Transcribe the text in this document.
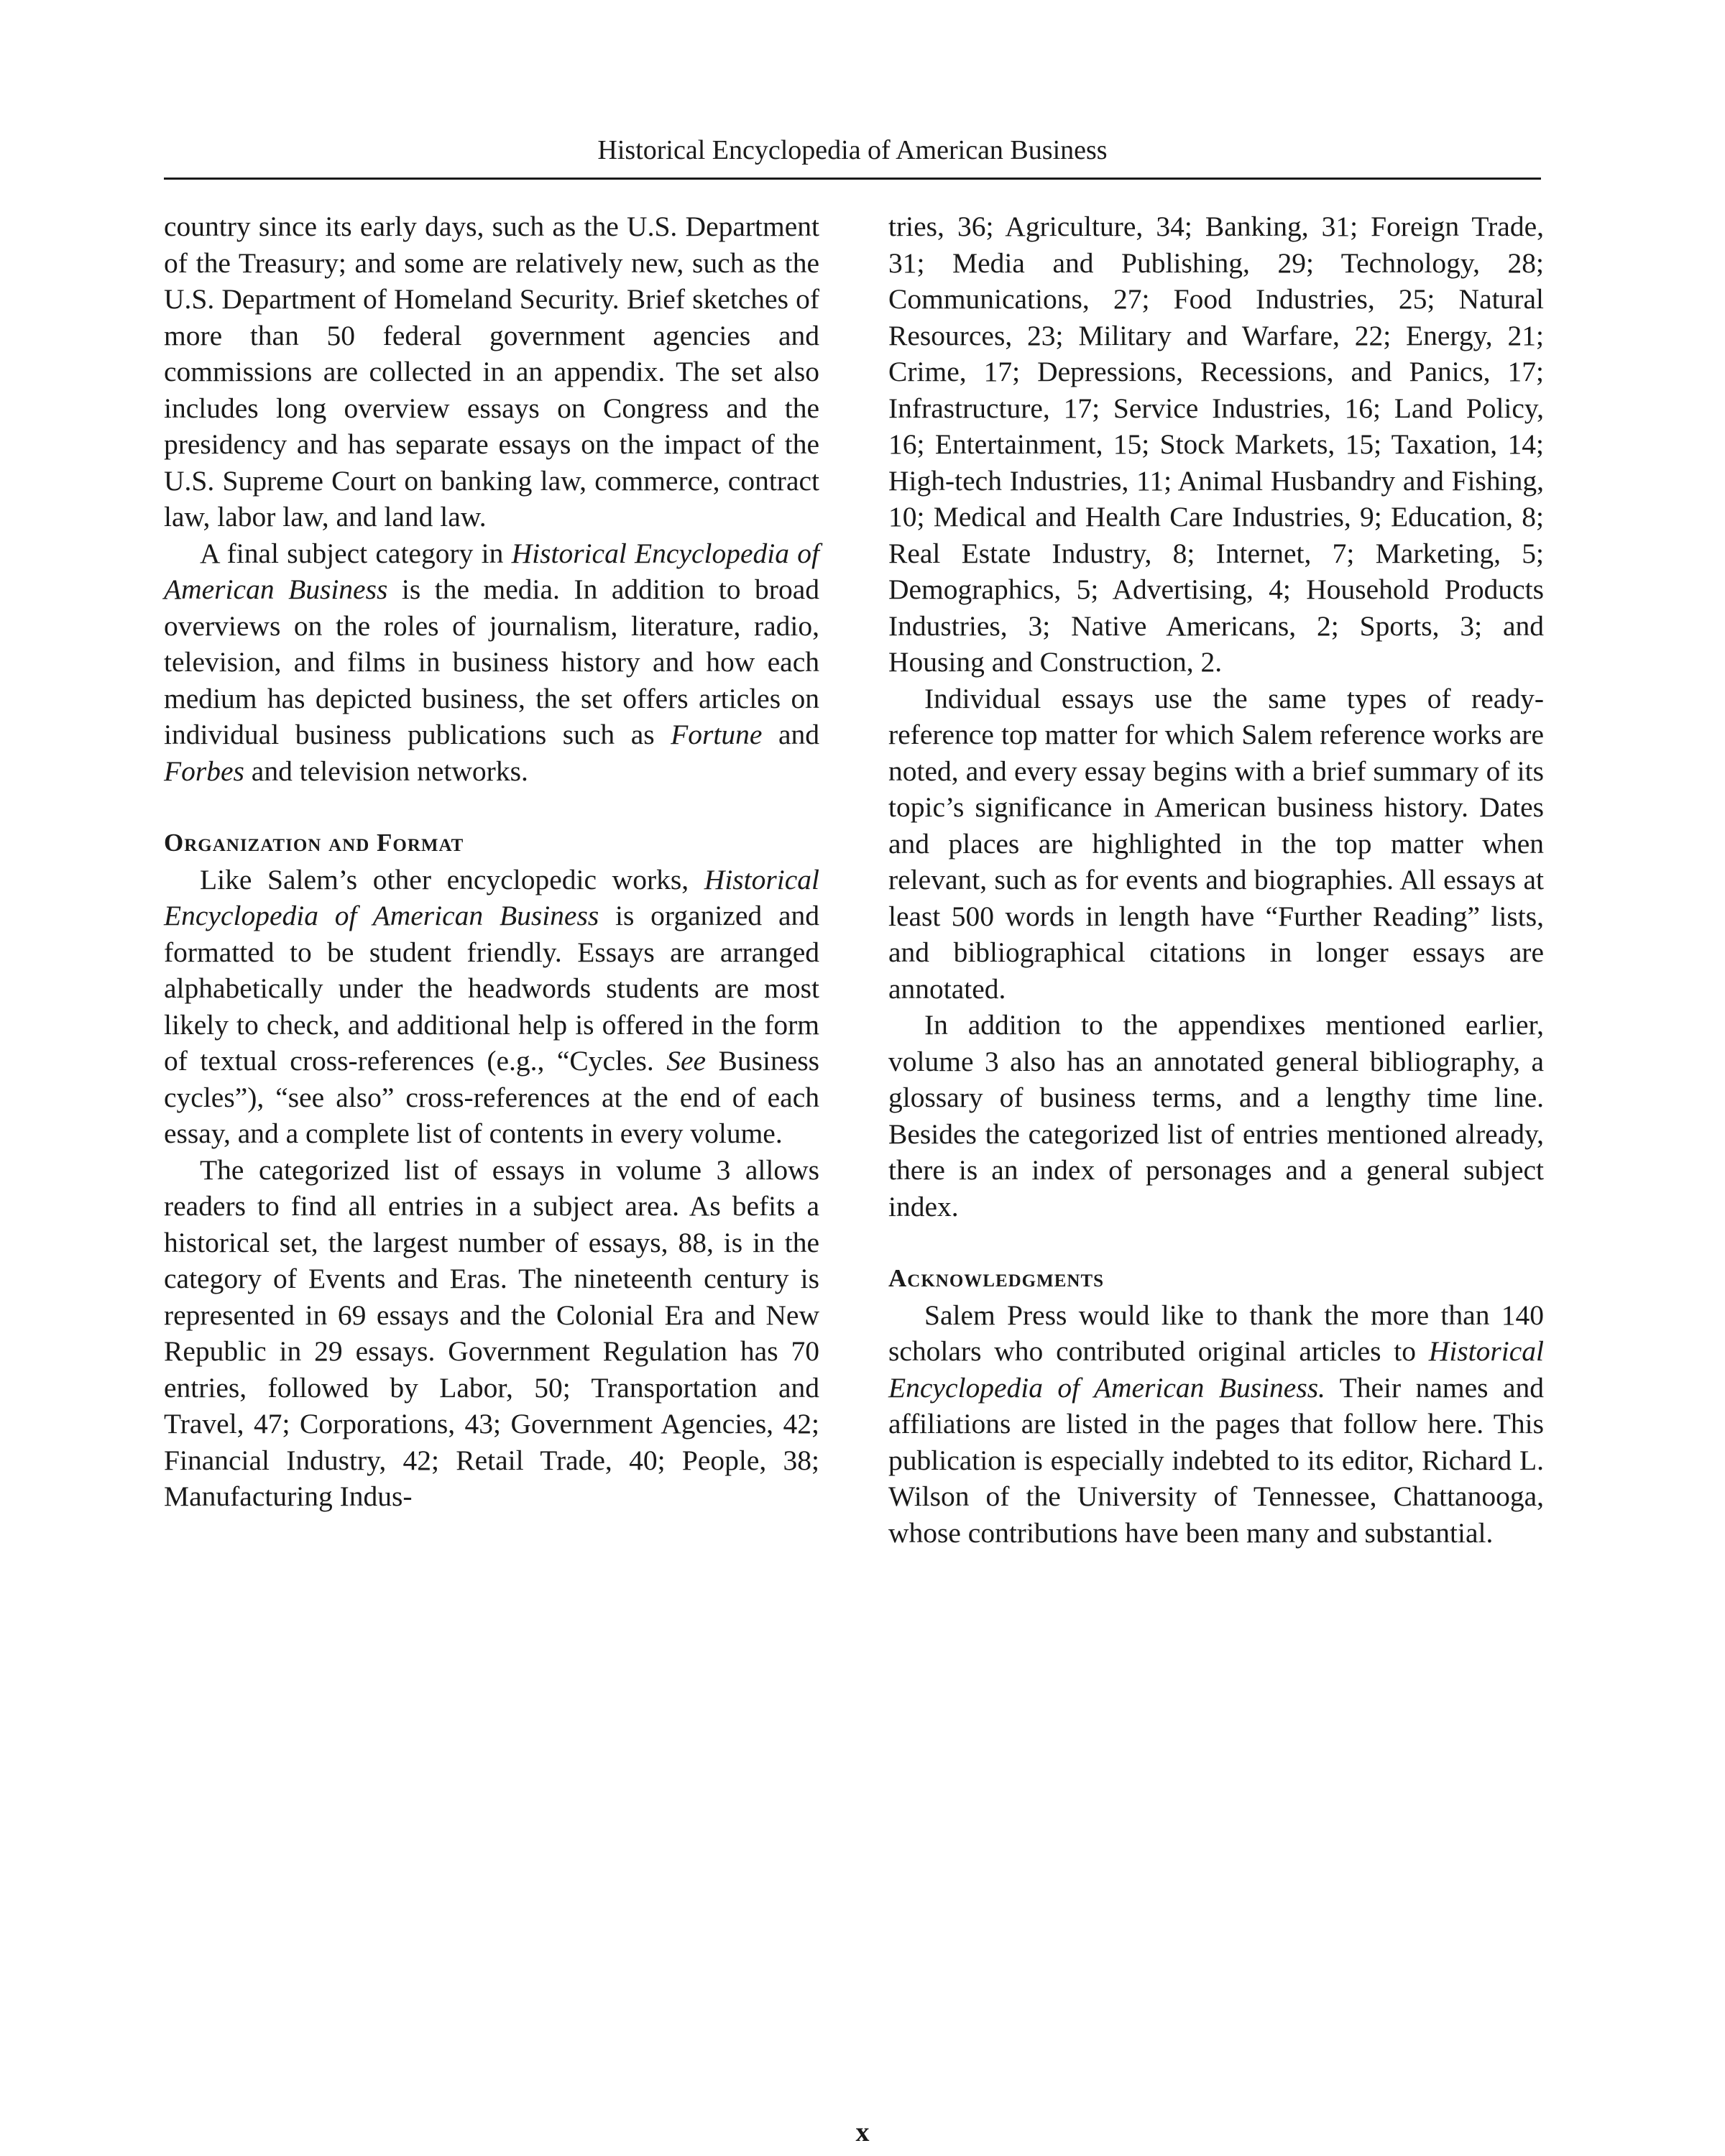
Historical Encyclopedia of American Business

country since its early days, such as the U.S. Department of the Treasury; and some are relatively new, such as the U.S. Department of Homeland Security. Brief sketches of more than 50 federal government agencies and commissions are collected in an appendix. The set also includes long overview essays on Congress and the presidency and has separate essays on the impact of the U.S. Supreme Court on banking law, commerce, contract law, labor law, and land law.

A final subject category in Historical Encyclopedia of American Business is the media. In addition to broad overviews on the roles of journalism, literature, radio, television, and films in business history and how each medium has depicted business, the set offers articles on individual business publications such as Fortune and Forbes and television networks.

Organization and Format

Like Salem’s other encyclopedic works, Historical Encyclopedia of American Business is organized and formatted to be student friendly. Essays are arranged alphabetically under the headwords students are most likely to check, and additional help is offered in the form of textual cross-references (e.g., “Cycles. See Business cycles”), “see also” cross-references at the end of each essay, and a complete list of contents in every volume.

The categorized list of essays in volume 3 allows readers to find all entries in a subject area. As befits a historical set, the largest number of essays, 88, is in the category of Events and Eras. The nineteenth century is represented in 69 essays and the Colonial Era and New Republic in 29 essays. Government Regulation has 70 entries, followed by Labor, 50; Transportation and Travel, 47; Corporations, 43; Government Agencies, 42; Financial Industry, 42; Retail Trade, 40; People, 38; Manufacturing Indus-

tries, 36; Agriculture, 34; Banking, 31; Foreign Trade, 31; Media and Publishing, 29; Technology, 28; Communications, 27; Food Industries, 25; Natural Resources, 23; Military and Warfare, 22; Energy, 21; Crime, 17; Depressions, Recessions, and Panics, 17; Infrastructure, 17; Service Industries, 16; Land Policy, 16; Entertainment, 15; Stock Markets, 15; Taxation, 14; High-tech Industries, 11; Animal Husbandry and Fishing, 10; Medical and Health Care Industries, 9; Education, 8; Real Estate Industry, 8; Internet, 7; Marketing, 5; Demographics, 5; Advertising, 4; Household Products Industries, 3; Native Americans, 2; Sports, 3; and Housing and Construction, 2.

Individual essays use the same types of ready-reference top matter for which Salem reference works are noted, and every essay begins with a brief summary of its topic’s significance in American business history. Dates and places are highlighted in the top matter when relevant, such as for events and biographies. All essays at least 500 words in length have “Further Reading” lists, and bibliographical citations in longer essays are annotated.

In addition to the appendixes mentioned earlier, volume 3 also has an annotated general bibliography, a glossary of business terms, and a lengthy time line. Besides the categorized list of entries mentioned already, there is an index of personages and a general subject index.

Acknowledgments

Salem Press would like to thank the more than 140 scholars who contributed original articles to Historical Encyclopedia of American Business. Their names and affiliations are listed in the pages that follow here. This publication is especially indebted to its editor, Richard L. Wilson of the University of Tennessee, Chattanooga, whose contributions have been many and substantial.

x
